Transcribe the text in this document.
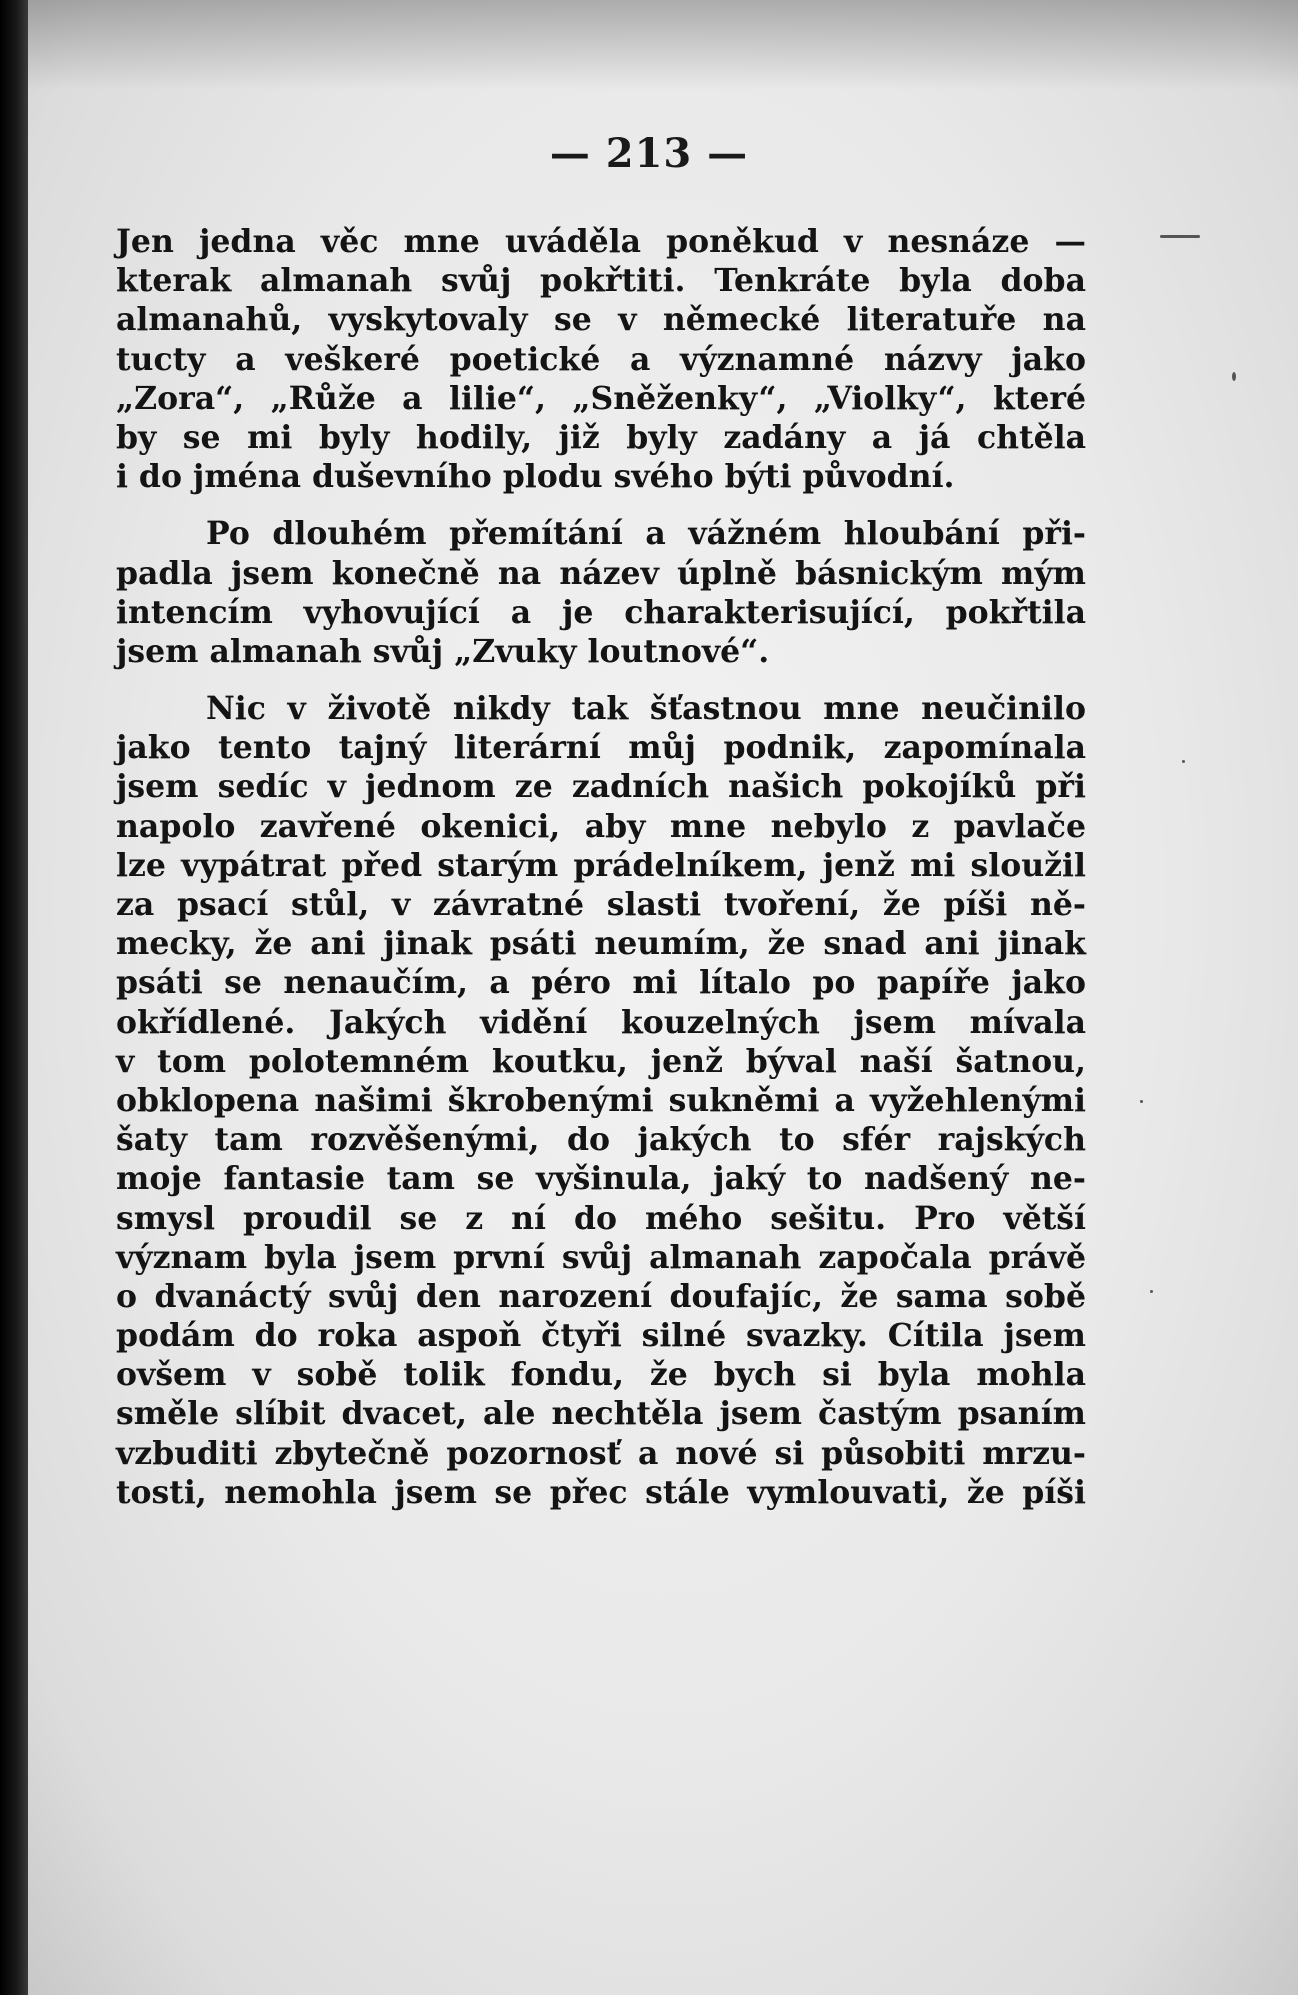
— 213 —
Jen jedna věc mne uváděla poněkud v nesnáze —
kterak almanah svůj pokřtiti. Tenkráte byla doba
almanahů, vyskytovaly se v německé literatuře na
tucty a veškeré poetické a významné názvy jako
„Zora“, „Růže a lilie“, „Sněženky“, „Violky“, které
by se mi byly hodily, již byly zadány a já chtěla
i do jména duševního plodu svého býti původní.
Po dlouhém přemítání a vážném hloubání při-
padla jsem konečně na název úplně básnickým mým
intencím vyhovující a je charakterisující, pokřtila
jsem almanah svůj „Zvuky loutnové“.
Nic v životě nikdy tak šťastnou mne neučinilo
jako tento tajný literární můj podnik, zapomínala
jsem sedíc v jednom ze zadních našich pokojíků při
napolo zavřené okenici, aby mne nebylo z pavlače
lze vypátrat před starým prádelníkem, jenž mi sloužil
za psací stůl, v závratné slasti tvoření, že píši ně-
mecky, že ani jinak psáti neumím, že snad ani jinak
psáti se nenaučím, a péro mi lítalo po papíře jako
okřídlené. Jakých vidění kouzelných jsem mívala
v tom polotemném koutku, jenž býval naší šatnou,
obklopena našimi škrobenými sukněmi a vyžehlenými
šaty tam rozvěšenými, do jakých to sfér rajských
moje fantasie tam se vyšinula, jaký to nadšený ne-
smysl proudil se z ní do mého sešitu. Pro větší
význam byla jsem první svůj almanah započala právě
o dvanáctý svůj den narození doufajíc, že sama sobě
podám do roka aspoň čtyři silné svazky. Cítila jsem
ovšem v sobě tolik fondu, že bych si byla mohla
směle slíbit dvacet, ale nechtěla jsem častým psaním
vzbuditi zbytečně pozornosť a nové si působiti mrzu-
tosti, nemohla jsem se přec stále vymlouvati, že píši
